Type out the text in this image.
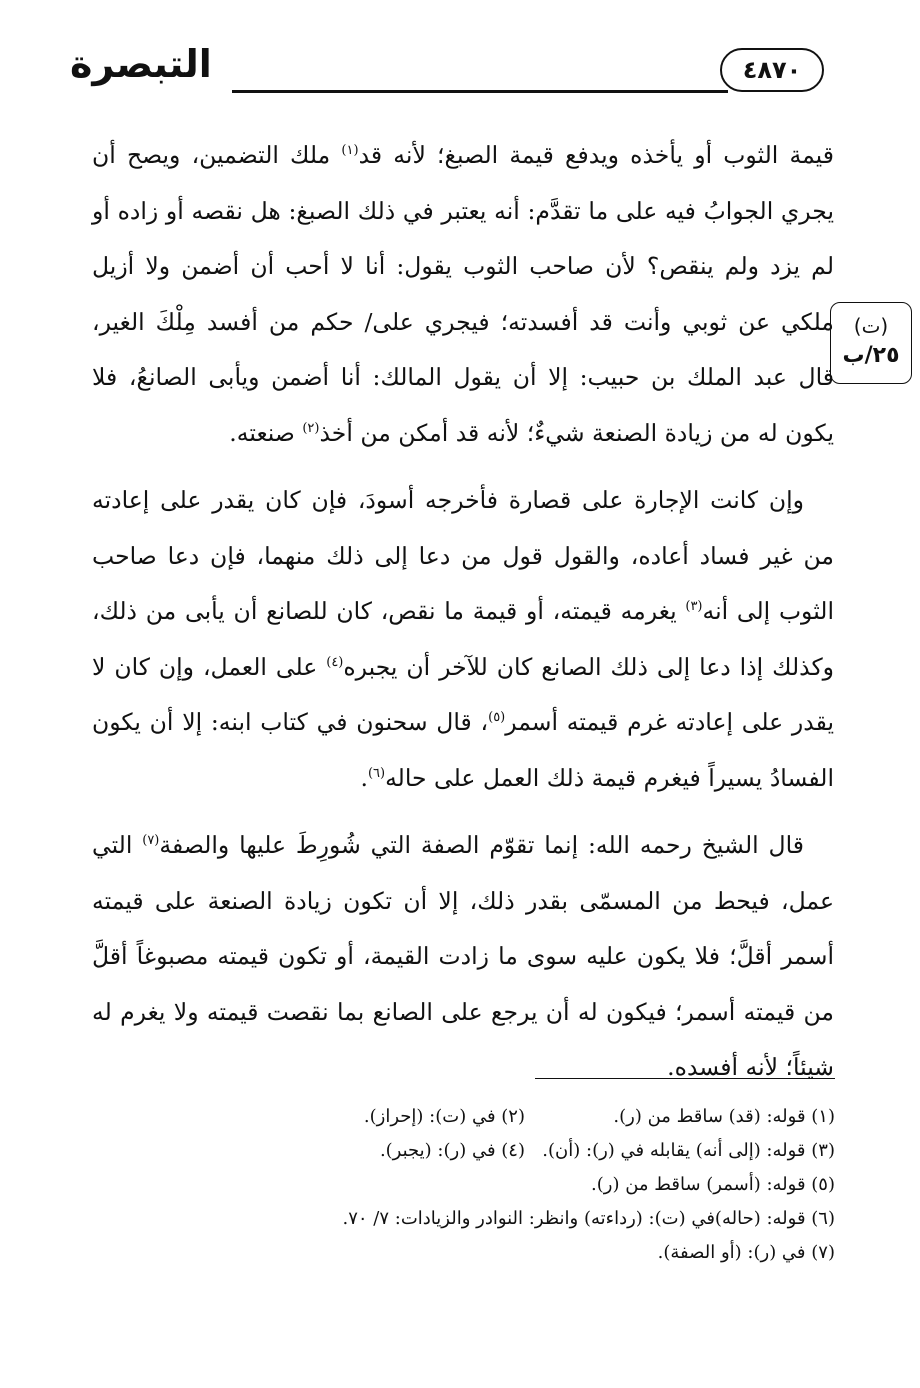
التبصرة	٤٨٧٠
(ت)
٢٥/ب

قيمة الثوب أو يأخذه ويدفع قيمة الصبغ؛ لأنه قد$^{(١)}$ ملك التضمين، ويصح أن يجري الجوابُ فيه على ما تقدَّم: أنه يعتبر في ذلك الصبغ: هل نقصه أو زاده أو لم يزد ولم ينقص؟ لأن صاحب الثوب يقول: أنا لا أحب أن أضمن ولا أزيل ملكي عن ثوبي وأنت قد أفسدته؛ فيجري على/ حكم من أفسد مِلْكَ الغير، قال عبد الملك بن حبيب: إلا أن يقول المالك: أنا أضمن ويأبى الصانعُ، فلا يكون له من زيادة الصنعة شيءٌ؛ لأنه قد أمكن من أخذ$^{(٢)}$ صنعته.

وإن كانت الإجارة على قصارة فأخرجه أسودَ، فإن كان يقدر على إعادته من غير فساد أعاده، والقول قول من دعا إلى ذلك منهما، فإن دعا صاحب الثوب إلى أنه$^{(٣)}$ يغرمه قيمته، أو قيمة ما نقص، كان للصانع أن يأبى من ذلك، وكذلك إذا دعا إلى ذلك الصانع كان للآخر أن يجبره$^{(٤)}$ على العمل، وإن كان لا يقدر على إعادته غرم قيمته أسمر$^{(٥)}$، قال سحنون في كتاب ابنه: إلا أن يكون الفسادُ يسيراً فيغرم قيمة ذلك العمل على حاله$^{(٦)}$.

قال الشيخ رحمه الله: إنما تقوّم الصفة التي شُورِطَ عليها والصفة$^{(٧)}$ التي عمل، فيحط من المسمّى بقدر ذلك، إلا أن تكون زيادة الصنعة على قيمته أسمر أقلَّ؛ فلا يكون عليه سوى ما زادت القيمة، أو تكون قيمته مصبوغاً أقلَّ من قيمته أسمر؛ فيكون له أن يرجع على الصانع بما نقصت قيمته ولا يغرم له شيئاً؛ لأنه أفسده.

(١) قوله: (قد) ساقط من (ر).
(٢) في (ت): (إحراز).
(٣) قوله: (إلى أنه) يقابله في (ر): (أن).
(٤) في (ر): (يجبر).
(٥) قوله: (أسمر) ساقط من (ر).
(٦) قوله: (حاله)في (ت): (رداءته) وانظر: النوادر والزيادات: ٧/ ٧٠.
(٧) في (ر): (أو الصفة).
